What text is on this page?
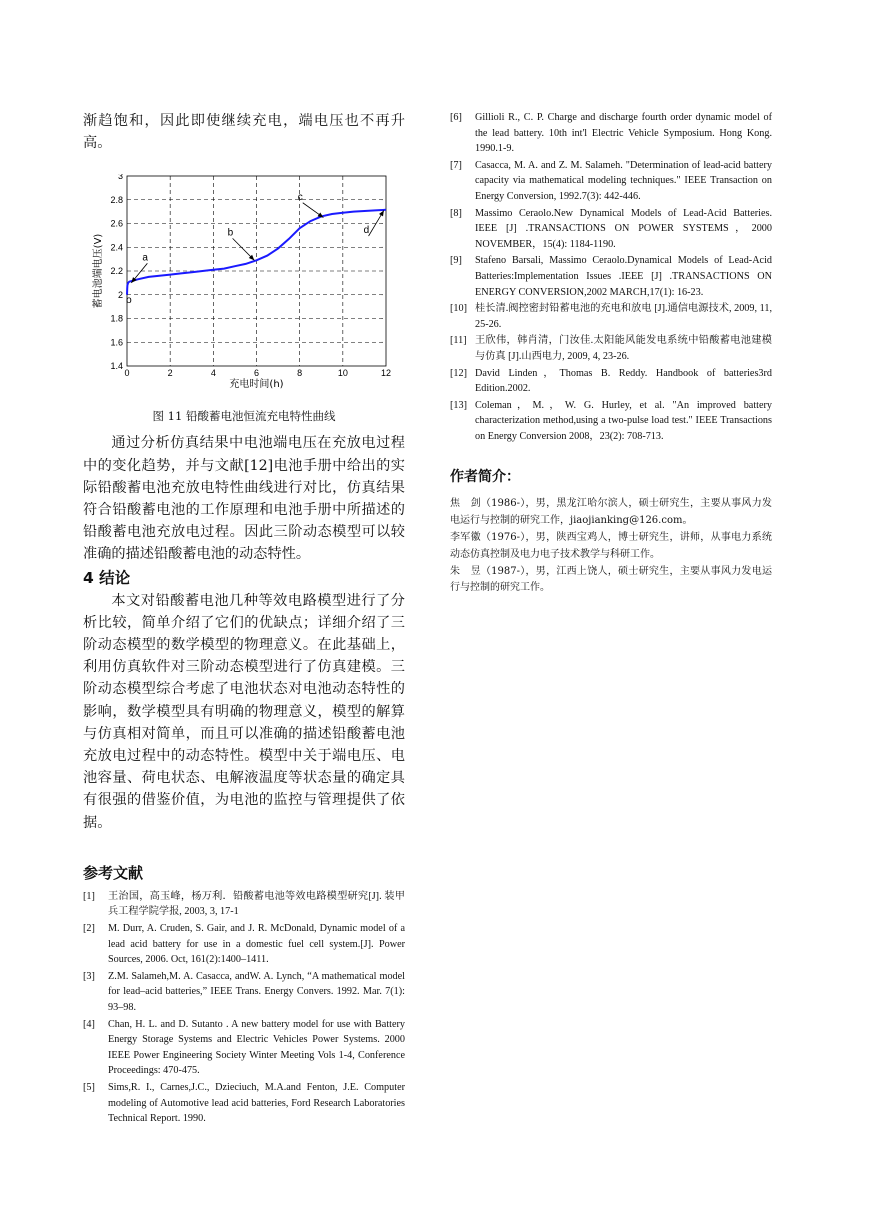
渐趋饱和，因此即使继续充电，端电压也不再升高。

0	2	4	6	8	10	12
1.4
1.6
1.8
2
2.2
2.4
2.6
2.8
3
充电时间(h)
蓄电池端电压(V) o
a
b
c
d

图 11 铅酸蓄电池恒流充电特性曲线

通过分析仿真结果中电池端电压在充放电过程中的变化趋势，并与文献[12]电池手册中给出的实际铅酸蓄电池充放电特性曲线进行对比，仿真结果符合铅酸蓄电池的工作原理和电池手册中所描述的铅酸蓄电池充放电过程。因此三阶动态模型可以较准确的描述铅酸蓄电池的动态特性。

4 结论

本文对铅酸蓄电池几种等效电路模型进行了分析比较，简单介绍了它们的优缺点；详细介绍了三阶动态模型的数学模型的物理意义。在此基础上，利用仿真软件对三阶动态模型进行了仿真建模。三阶动态模型综合考虑了电池状态对电池动态特性的影响，数学模型具有明确的物理意义，模型的解算与仿真相对简单，而且可以准确的描述铅酸蓄电池充放电过程中的动态特性。模型中关于端电压、电池容量、荷电状态、电解液温度等状态量的确定具有很强的借鉴价值，为电池的监控与管理提供了依据。

参考文献

[1]	王治国，高玉峰，杨万利．铅酸蓄电池等效电路模型研究[J]. 装甲兵工程学院学报, 2003, 3, 17-1
[2]	M. Durr, A. Cruden, S. Gair, and J. R. McDonald, Dynamic model of a lead acid battery for use in a domestic fuel cell system.[J]. Power Sources, 2006. Oct, 161(2):1400–1411.
[3]	Z.M. Salameh,M. A. Casacca, andW. A. Lynch, “A mathematical model for lead–acid batteries,” IEEE Trans. Energy Convers. 1992. Mar. 7(1): 93–98.
[4]	Chan, H. L. and D. Sutanto . A new battery model for use with Battery Energy Storage Systems and Electric Vehicles Power Systems. 2000 IEEE Power Engineering Society Winter Meeting Vols 1-4, Conference Proceedings: 470-475.
[5]	Sims,R. I., Carnes,J.C., Dzieciuch, M.A.and Fenton, J.E. Computer modeling of Automotive lead acid batteries, Ford Research Laboratories Technical Report. 1990.
[6]	Gillioli R., C. P. Charge and discharge fourth order dynamic model of the lead battery. 10th int'l Electric Vehicle Symposium. Hong Kong. 1990.1-9.
[7]	Casacca, M. A. and Z. M. Salameh. "Determination of lead-acid battery capacity via mathematical modeling techniques." IEEE Transaction on Energy Conversion, 1992.7(3): 442-446.
[8]	Massimo Ceraolo.New Dynamical Models of Lead-Acid Batteries. IEEE [J] .TRANSACTIONS ON POWER SYSTEMS，2000 NOVEMBER，15(4): 1184-1190.
[9]	Stafeno Barsali, Massimo Ceraolo.Dynamical Models of Lead-Acid Batteries:Implementation Issues .IEEE [J] .TRANSACTIONS ON ENERGY CONVERSION,2002 MARCH,17(1): 16-23.
[10] 桂长清.阀控密封铅蓄电池的充电和放电 [J].通信电源技术, 2009, 11, 25-26.
[11] 王欣伟，韩肖清，门汝佳.太阳能风能发电系统中铅酸蓄电池建模与仿真 [J].山西电力, 2009, 4, 23-26.
[12] David Linden，Thomas B. Reddy. Handbook of batteries3rd Edition.2002.
[13] Coleman，M.，W. G. Hurley, et al. "An improved battery characterization method,using a two-pulse load test." IEEE Transactions on Energy Conversion 2008，23(2): 708-713.

作者简介：

焦　剑（1986-），男，黑龙江哈尔滨人，硕士研究生，主要从事风力发电运行与控制的研究工作，jiaojianking@126.com。

李军徽（1976-），男，陕西宝鸡人，博士研究生，讲师，从事电力系统动态仿真控制及电力电子技术教学与科研工作。

朱　昱（1987-），男，江西上饶人，硕士研究生，主要从事风力发电运行与控制的研究工作。
